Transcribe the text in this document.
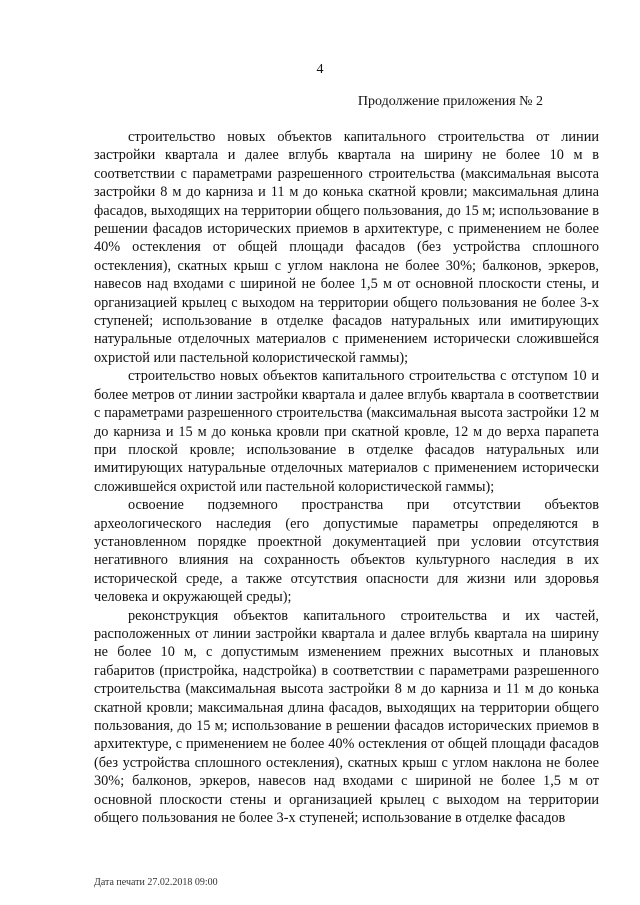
4
Продолжение приложения № 2

строительство новых объектов капитального строительства от линии застройки квартала и далее вглубь квартала на ширину не более 10 м в соответствии с параметрами разрешенного строительства (максимальная высота застройки 8 м до карниза и 11 м до конька скатной кровли; максимальная длина фасадов, выходящих на территории общего пользования, до 15 м; использование в решении фасадов исторических приемов в архитектуре, с применением не более 40% остекления от общей площади фасадов (без устройства сплошного остекления), скатных крыш с углом наклона не более 30%; балконов, эркеров, навесов над входами с шириной не более 1,5 м от основной плоскости стены, и организацией крылец с выходом на территории общего пользования не более 3-х ступеней; использование в отделке фасадов натуральных или имитирующих натуральные отделочных материалов с применением исторически сложившейся охристой или пастельной колористической гаммы);

строительство новых объектов капитального строительства с отступом 10 и более метров от линии застройки квартала и далее вглубь квартала в соответствии с параметрами разрешенного строительства (максимальная высота застройки 12 м до карниза и 15 м до конька кровли при скатной кровле, 12 м до верха парапета при плоской кровле; использование в отделке фасадов натуральных или имитирующих натуральные отделочных материалов с применением исторически сложившейся охристой или пастельной колористической гаммы);

освоение подземного пространства при отсутствии объектов археологического наследия (его допустимые параметры определяются в установленном порядке проектной документацией при условии отсутствия негативного влияния на сохранность объектов культурного наследия в их исторической среде, а также отсутствия опасности для жизни или здоровья человека и окружающей среды);

реконструкция объектов капитального строительства и их частей, расположенных от линии застройки квартала и далее вглубь квартала на ширину не более 10 м, с допустимым изменением прежних высотных и плановых габаритов (пристройка, надстройка) в соответствии с параметрами разрешенного строительства (максимальная высота застройки 8 м до карниза и 11 м до конька скатной кровли; максимальная длина фасадов, выходящих на территории общего пользования, до 15 м; использование в решении фасадов исторических приемов в архитектуре, с применением не более 40% остекления от общей площади фасадов (без устройства сплошного остекления), скатных крыш с углом наклона не более 30%; балконов, эркеров, навесов над входами с шириной не более 1,5 м от основной плоскости стены и организацией крылец с выходом на территории общего пользования не более 3-х ступеней; использование в отделке фасадов

Дата печати 27.02.2018 09:00
